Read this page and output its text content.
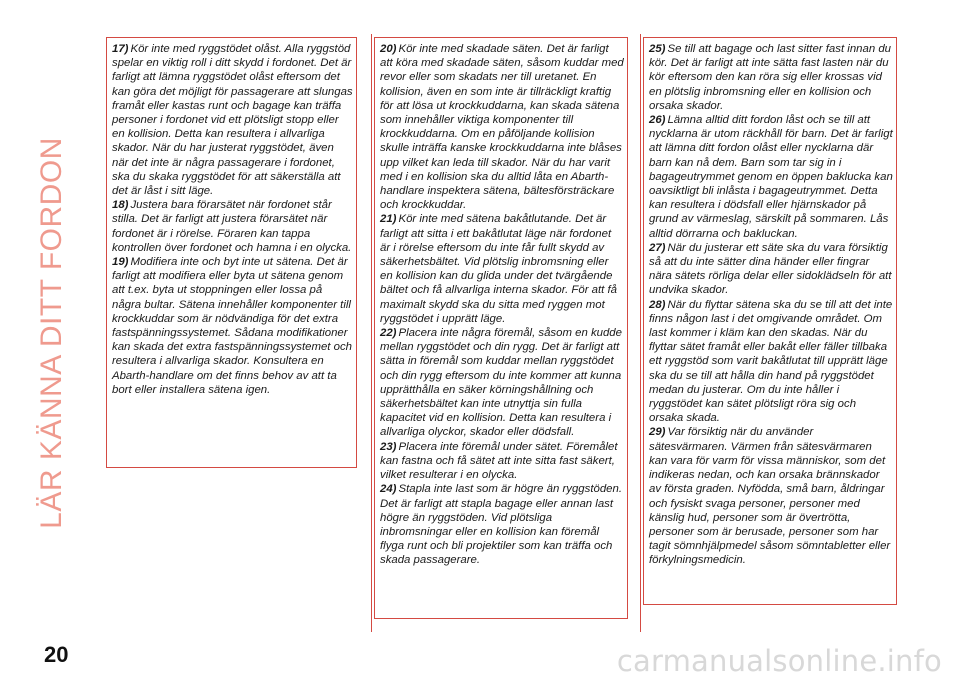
LÄR KÄNNA DITT FORDON

17) Kör inte med ryggstödet olåst. Alla ryggstöd spelar en viktig roll i ditt skydd i fordonet. Det är farligt att lämna ryggstödet olåst eftersom det kan göra det möjligt för passagerare att slungas framåt eller kastas runt och bagage kan träffa personer i fordonet vid ett plötsligt stopp eller en kollision. Detta kan resultera i allvarliga skador. När du har justerat ryggstödet, även när det inte är några passagerare i fordonet, ska du skaka ryggstödet för att säkerställa att det är låst i sitt läge.

18) Justera bara förarsätet när fordonet står stilla. Det är farligt att justera förarsätet när fordonet är i rörelse. Föraren kan tappa kontrollen över fordonet och hamna i en olycka.

19) Modifiera inte och byt inte ut sätena. Det är farligt att modifiera eller byta ut sätena genom att t.ex. byta ut stoppningen eller lossa på några bultar. Sätena innehåller komponenter till krockkuddar som är nödvändiga för det extra fastspänningssystemet. Sådana modifikationer kan skada det extra fastspänningssystemet och resultera i allvarliga skador. Konsultera en Abarth-handlare om det finns behov av att ta bort eller installera sätena igen.

20) Kör inte med skadade säten. Det är farligt att köra med skadade säten, såsom kuddar med revor eller som skadats ner till uretanet. En kollision, även en som inte är tillräckligt kraftig för att lösa ut krockkuddarna, kan skada sätena som innehåller viktiga komponenter till krockkuddarna. Om en påföljande kollision skulle inträffa kanske krockkuddarna inte blåses upp vilket kan leda till skador. När du har varit med i en kollision ska du alltid låta en Abarth-handlare inspektera sätena, bältesförsträckare och krockkuddar.

21) Kör inte med sätena bakåtlutande. Det är farligt att sitta i ett bakåtlutat läge när fordonet är i rörelse eftersom du inte får fullt skydd av säkerhetsbältet. Vid plötslig inbromsning eller en kollision kan du glida under det tvärgående bältet och få allvarliga interna skador. För att få maximalt skydd ska du sitta med ryggen mot ryggstödet i upprätt läge.

22) Placera inte några föremål, såsom en kudde mellan ryggstödet och din rygg. Det är farligt att sätta in föremål som kuddar mellan ryggstödet och din rygg eftersom du inte kommer att kunna upprätthålla en säker körningshållning och säkerhetsbältet kan inte utnyttja sin fulla kapacitet vid en kollision. Detta kan resultera i allvarliga olyckor, skador eller dödsfall.

23) Placera inte föremål under sätet. Föremålet kan fastna och få sätet att inte sitta fast säkert, vilket resulterar i en olycka.

24) Stapla inte last som är högre än ryggstöden. Det är farligt att stapla bagage eller annan last högre än ryggstöden. Vid plötsliga inbromsningar eller en kollision kan föremål flyga runt och bli projektiler som kan träffa och skada passagerare.

25) Se till att bagage och last sitter fast innan du kör. Det är farligt att inte sätta fast lasten när du kör eftersom den kan röra sig eller krossas vid en plötslig inbromsning eller en kollision och orsaka skador.

26) Lämna alltid ditt fordon låst och se till att nycklarna är utom räckhåll för barn. Det är farligt att lämna ditt fordon olåst eller nycklarna där barn kan nå dem. Barn som tar sig in i bagageutrymmet genom en öppen baklucka kan oavsiktligt bli inlåsta i bagageutrymmet. Detta kan resultera i dödsfall eller hjärnskador på grund av värmeslag, särskilt på sommaren. Lås alltid dörrarna och bakluckan.

27) När du justerar ett säte ska du vara försiktig så att du inte sätter dina händer eller fingrar nära sätets rörliga delar eller sidoklädseln för att undvika skador.

28) När du flyttar sätena ska du se till att det inte finns någon last i det omgivande området. Om last kommer i kläm kan den skadas. När du flyttar sätet framåt eller bakåt eller fäller tillbaka ett ryggstöd som varit bakåtlutat till upprätt läge ska du se till att hålla din hand på ryggstödet medan du justerar. Om du inte håller i ryggstödet kan sätet plötsligt röra sig och orsaka skada.

29) Var försiktig när du använder sätesvärmaren. Värmen från sätesvärmaren kan vara för varm för vissa människor, som det indikeras nedan, och kan orsaka brännskador av första graden. Nyfödda, små barn, åldringar och fysiskt svaga personer, personer med känslig hud, personer som är övertrötta, personer som är berusade, personer som har tagit sömnhjälpmedel såsom sömntabletter eller förkylningsmedicin.

20	carmanualsonline.info
